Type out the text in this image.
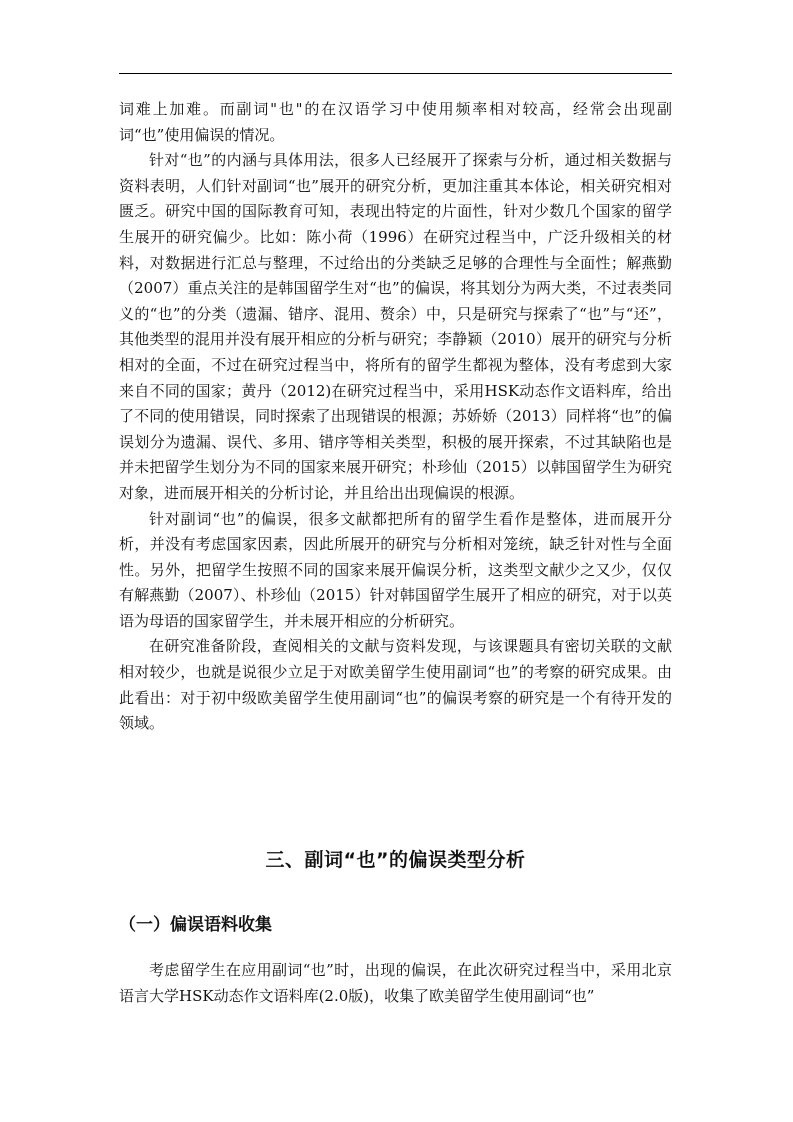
词难上加难。而副词"也"的在汉语学习中使用频率相对较高，经常会出现副词“也”使用偏误的情况。

针对“也”的内涵与具体用法，很多人已经展开了探索与分析，通过相关数据与资料表明，人们针对副词“也”展开的研究分析，更加注重其本体论，相关研究相对匮乏。研究中国的国际教育可知，表现出特定的片面性，针对少数几个国家的留学生展开的研究偏少。比如：陈小荷（1996）在研究过程当中，广泛升级相关的材料，对数据进行汇总与整理，不过给出的分类缺乏足够的合理性与全面性；解燕勤（2007）重点关注的是韩国留学生对“也”的偏误，将其划分为两大类，不过表类同义的“也”的分类（遗漏、错序、混用、赘余）中，只是研究与探索了“也”与“还”，其他类型的混用并没有展开相应的分析与研究；李静颖（2010）展开的研究与分析相对的全面，不过在研究过程当中，将所有的留学生都视为整体，没有考虑到大家来自不同的国家；黄丹（2012)在研究过程当中，采用HSK动态作文语料库，给出了不同的使用错误，同时探索了出现错误的根源；苏娇娇（2013）同样将“也”的偏误划分为遗漏、误代、多用、错序等相关类型，积极的展开探索，不过其缺陷也是并未把留学生划分为不同的国家来展开研究；朴珍仙（2015）以韩国留学生为研究对象，进而展开相关的分析讨论，并且给出出现偏误的根源。

针对副词“也”的偏误，很多文献都把所有的留学生看作是整体，进而展开分析，并没有考虑国家因素，因此所展开的研究与分析相对笼统，缺乏针对性与全面性。另外，把留学生按照不同的国家来展开偏误分析，这类型文献少之又少，仅仅有解燕勤（2007）、朴珍仙（2015）针对韩国留学生展开了相应的研究，对于以英语为母语的国家留学生，并未展开相应的分析研究。

在研究准备阶段，查阅相关的文献与资料发现，与该课题具有密切关联的文献相对较少，也就是说很少立足于对欧美留学生使用副词“也”的考察的研究成果。由此看出：对于初中级欧美留学生使用副词“也”的偏误考察的研究是一个有待开发的领域。

三、副词“也”的偏误类型分析
（一）偏误语料收集

考虑留学生在应用副词“也”时，出现的偏误，在此次研究过程当中，采用北京语言大学HSK动态作文语料库(2.0版)，收集了欧美留学生使用副词“也”
